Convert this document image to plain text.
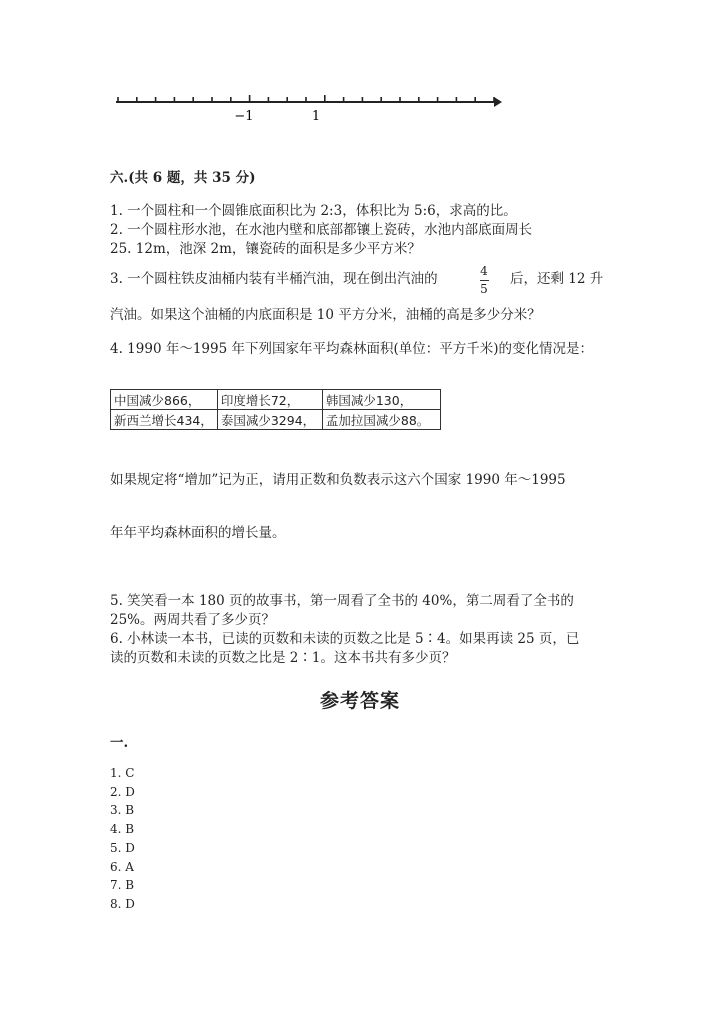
−1	1
六.(共 6 题，共 35 分)
1. 一个圆柱和一个圆锥底面积比为 2:3，体积比为 5:6，求高的比。
2. 一个圆柱形水池，在水池内壁和底部都镶上瓷砖，水池内部底面周长
25. 12m，池深 2m，镶瓷砖的面积是多少平方米？
3. 一个圆柱铁皮油桶内装有半桶汽油，现在倒出汽油的	4
5
后，还剩 12 升
汽油。如果这个油桶的内底面积是 10 平方分米，油桶的高是多少分米？
4. 1990 年～1995 年下列国家年平均森林面积(单位：平方千米)的变化情况是：
中国减少866，	印度增长72，	韩国减少130，
新西兰增长434，	泰国减少3294，	孟加拉国减少88。
如果规定将“增加”记为正，请用正数和负数表示这六个国家 1990 年～1995
年年平均森林面积的增长量。
5. 笑笑看一本 180 页的故事书，第一周看了全书的 40%，第二周看了全书的
25%。两周共看了多少页？
6. 小林读一本书，已读的页数和未读的页数之比是 5∶4。如果再读 25 页，已
读的页数和未读的页数之比是 2∶1。这本书共有多少页？
参考答案
一.
1. C
2. D
3. B
4. B
5. D
6. A
7. B
8. D
